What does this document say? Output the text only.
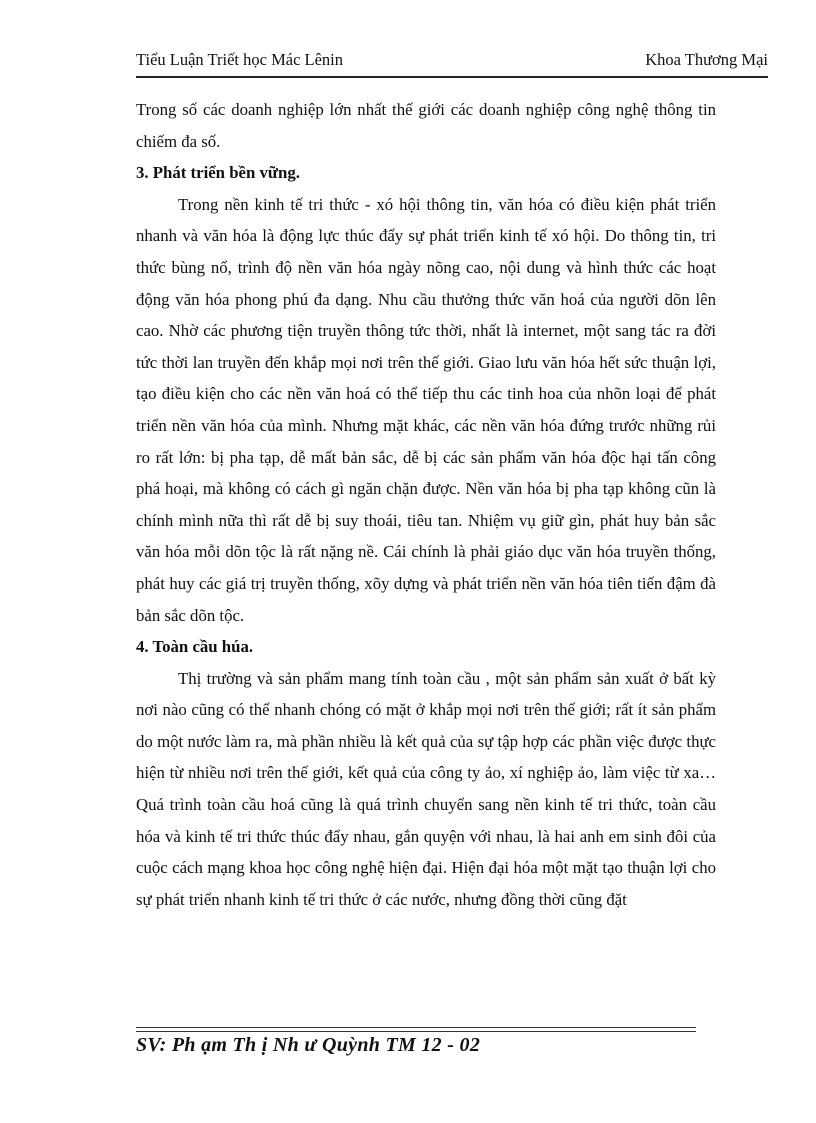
Tiểu Luận Triết học Mác Lênin	Khoa Thương Mại

Trong số các doanh nghiệp lớn nhất thế giới các doanh nghiệp công nghệ thông tin chiếm đa số.

3. Phát triển bền vững.

Trong nền kinh tế tri thức - xó hội thông tin, văn hóa có điều kiện phát triển nhanh và văn hóa là động lực thúc đẩy sự phát triển kinh tế xó hội. Do thông tin, tri thức bùng nổ, trình độ nền văn hóa ngày nõng cao, nội dung và hình thức các hoạt động văn hóa phong phú đa dạng. Nhu cầu thưởng thức văn hoá của người dõn lên cao. Nhờ các phương tiện truyền thông tức thời, nhất là internet, một sang tác ra đời tức thời lan truyền đến khắp mọi nơi trên thế giới. Giao lưu văn hóa hết sức thuận lợi, tạo điều kiện cho các nền văn hoá có thể tiếp thu các tinh hoa của nhõn loại để phát triển nền văn hóa của mình. Nhưng mặt khác, các nền văn hóa đứng trước những rủi ro rất lớn: bị pha tạp, dễ mất bản sắc, dễ bị các sản phẩm văn hóa độc hại tấn công phá hoại, mà không có cách gì ngăn chặn được. Nền văn hóa bị pha tạp không cũn là chính mình nữa thì rất dễ bị suy thoái, tiêu tan. Nhiệm vụ giữ gìn, phát huy bản sắc văn hóa mỗi dõn tộc là rất nặng nề. Cái chính là phải giáo dục văn hóa truyền thống, phát huy các giá trị truyền thống, xõy dựng và phát triển nền văn hóa tiên tiến đậm đà bản sắc dõn tộc.

4. Toàn cầu húa.

Thị trường và sản phẩm mang tính toàn cầu , một sản phẩm sản xuất ở bất kỳ nơi nào cũng có thể nhanh chóng có mặt ở khắp mọi nơi trên thế giới; rất ít sản phẩm do một nước làm ra, mà phần nhiều là kết quả của sự tập hợp các phần việc được thực hiện từ nhiều nơi trên thế giới, kết quả của công ty ảo, xí nghiệp ảo, làm việc từ xa…Quá trình toàn cầu hoá cũng là quá trình chuyển sang nền kinh tế tri thức, toàn cầu hóa và kinh tế tri thức thúc đẩy nhau, gắn quyện với nhau, là hai anh em sinh đôi của cuộc cách mạng khoa học công nghệ hiện đại. Hiện đại hóa một mặt tạo thuận lợi cho sự phát triển nhanh kinh tế tri thức ở các nước, nhưng đồng thời cũng đặt

SV: Ph ạm Th ị Nh ư Quỳnh TM 12 - 02
